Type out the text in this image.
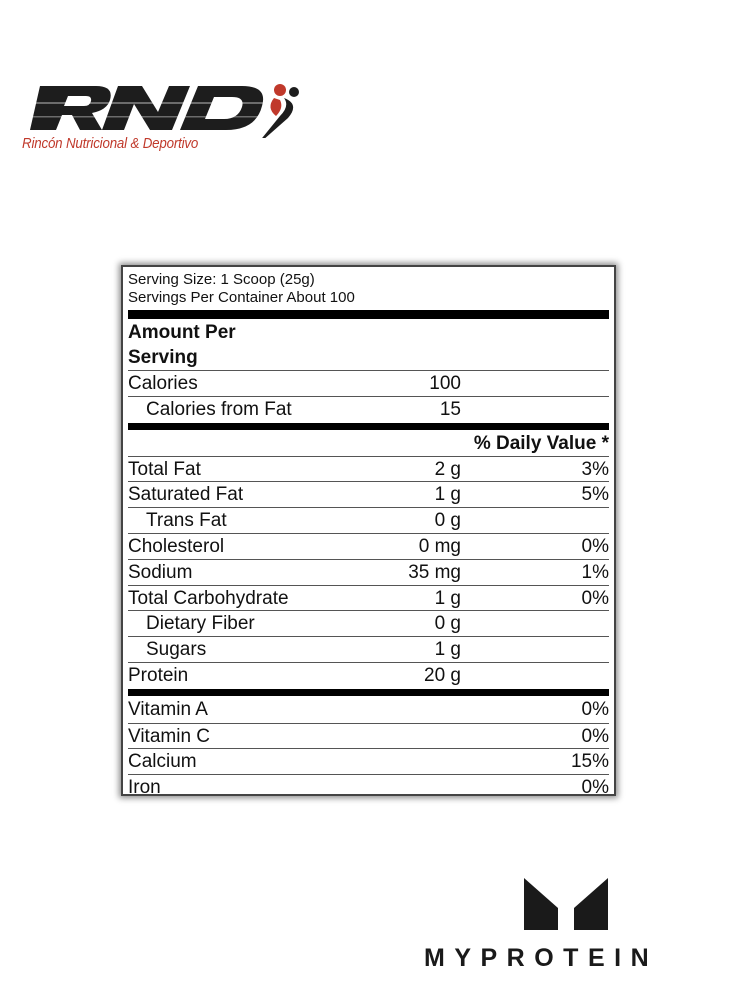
Rincón Nutricional & Deportivo
Serving Size: 1 Scoop (25g)
Servings Per Container About 100
Amount Per
Serving
Calories	100
Calories from Fat	15
% Daily Value *
Total Fat	2 g	3%
Saturated Fat	1 g	5%
Trans Fat	0 g
Cholesterol	0 mg	0%
Sodium	35 mg	1%
Total Carbohydrate	1 g	0%
Dietary Fiber	0 g
Sugars	1 g
Protein	20 g
Vitamin A	0%
Vitamin C	0%
Calcium	15%
Iron	0%
MYPROTEIN
